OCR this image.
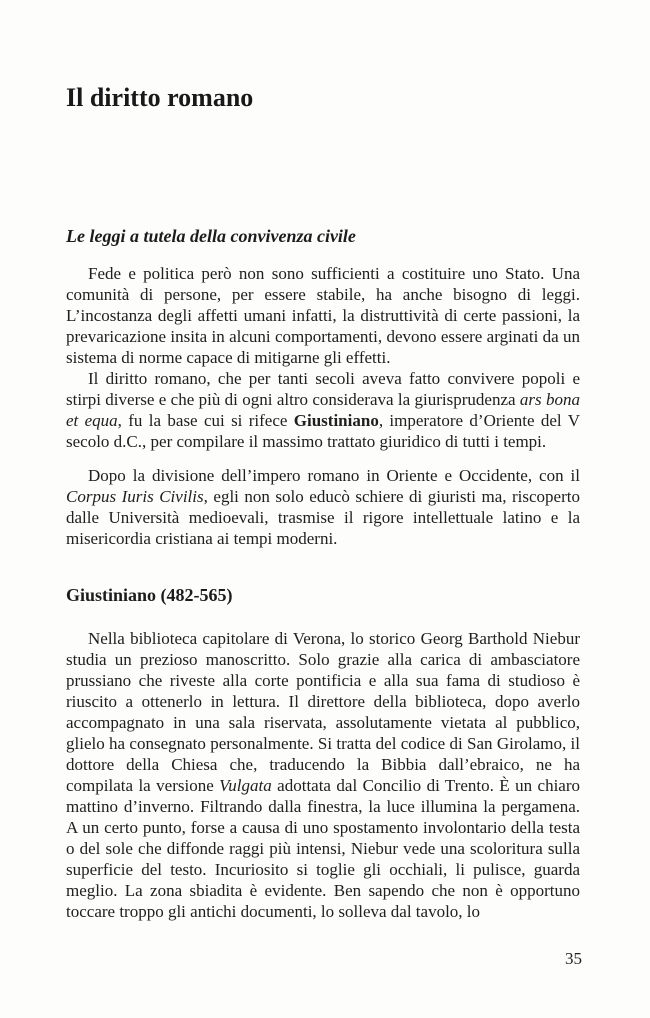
Il diritto romano
Le leggi a tutela della convivenza civile

Fede e politica però non sono sufficienti a costituire uno Stato. Una comunità di persone, per essere stabile, ha anche bisogno di leggi. L’incostanza degli affetti umani infatti, la distruttività di certe passioni, la prevaricazione insita in alcuni comportamenti, devono essere arginati da un sistema di norme capace di mitigarne gli effetti.

Il diritto romano, che per tanti secoli aveva fatto convivere popoli e stirpi diverse e che più di ogni altro considerava la giurisprudenza ars bona et equa, fu la base cui si rifece Giustiniano, imperatore d’Oriente del V secolo d.C., per compilare il massimo trattato giuridico di tutti i tempi.

Dopo la divisione dell’impero romano in Oriente e Occidente, con il Corpus Iuris Civilis, egli non solo educò schiere di giuristi ma, riscoperto dalle Università medioevali, trasmise il rigore intellettuale latino e la misericordia cristiana ai tempi moderni.

Giustiniano (482-565)

Nella biblioteca capitolare di Verona, lo storico Georg Barthold Niebur studia un prezioso manoscritto. Solo grazie alla carica di ambasciatore prussiano che riveste alla corte pontificia e alla sua fama di studioso è riuscito a ottenerlo in lettura. Il direttore della biblioteca, dopo averlo accompagnato in una sala riservata, assolutamente vietata al pubblico, glielo ha consegnato personalmente. Si tratta del codice di San Girolamo, il dottore della Chiesa che, traducendo la Bibbia dall’ebraico, ne ha compilata la versione Vulgata adottata dal Concilio di Trento. È un chiaro mattino d’inverno. Filtrando dalla finestra, la luce illumina la pergamena. A un certo punto, forse a causa di uno spostamento involontario della testa o del sole che diffonde raggi più intensi, Niebur vede una scoloritura sulla superficie del testo. Incuriosito si toglie gli occhiali, li pulisce, guarda meglio. La zona sbiadita è evidente. Ben sapendo che non è opportuno toccare troppo gli antichi documenti, lo solleva dal tavolo, lo

35
